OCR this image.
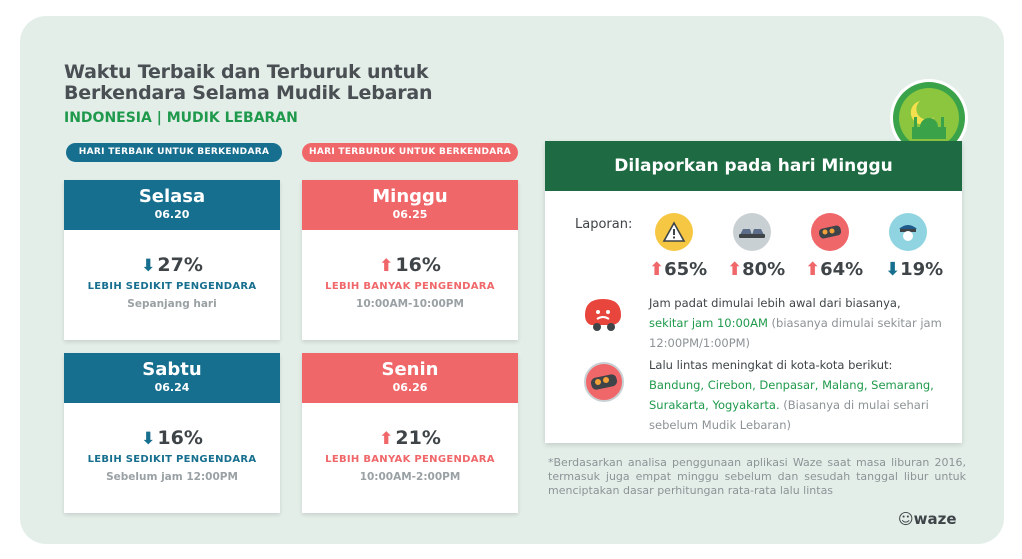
Waktu Terbaik dan Terburuk untuk
Berkendara Selama Mudik Lebaran
INDONESIA | MUDIK LEBARAN
HARI TERBAIK UNTUK BERKENDARA	HARI TERBURUK UNTUK BERKENDARA
Selasa
06.20
⬇ 27%
LEBIH SEDIKIT PENGENDARA
Sepanjang hari
Minggu
06.25
⬆ 16%
LEBIH BANYAK PENGENDARA
10:00AM-10:00PM
Sabtu
06.24
⬇ 16%
LEBIH SEDIKIT PENGENDARA
Sebelum jam 12:00PM
Senin
06.26
⬆ 21%
LEBIH BANYAK PENGENDARA
10:00AM-2:00PM
Dilaporkan pada hari Minggu
Laporan:
⬆65% ⬆80% ⬆64% ⬇19%
Jam padat dimulai lebih awal dari biasanya,
sekitar jam 10:00AM (biasanya dimulai sekitar jam 12:00PM/1:00PM)
Lalu lintas meningkat di kota-kota berikut:
Bandung, Cirebon, Denpasar, Malang, Semarang, Surakarta, Yogyakarta. (Biasanya di mulai sehari sebelum Mudik Lebaran)
*Berdasarkan analisa penggunaan aplikasi Waze saat masa liburan 2016, termasuk juga empat minggu sebelum dan sesudah tanggal libur untuk menciptakan dasar perhitungan rata-rata lalu lintas
☺waze
